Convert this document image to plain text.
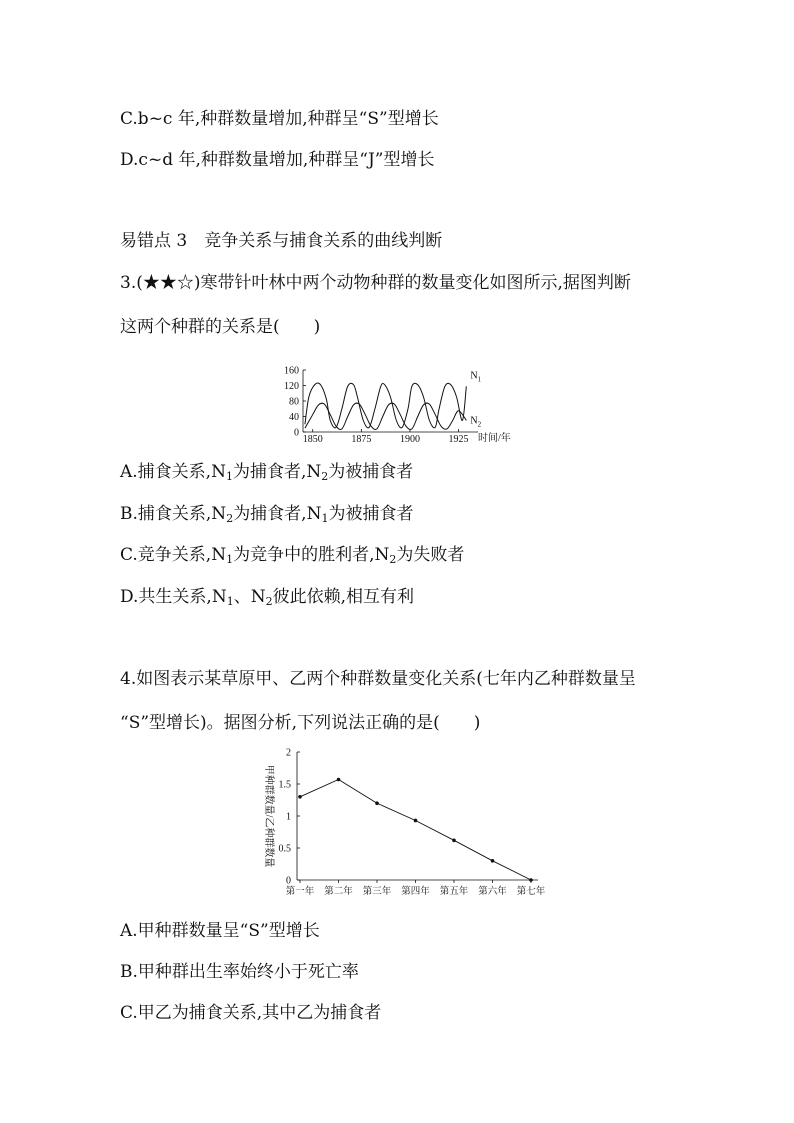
C.b~c 年,种群数量增加,种群呈“S”型增长
D.c~d 年,种群数量增加,种群呈“J”型增长
易错点 3　竞争关系与捕食关系的曲线判断
3.(★★☆)寒带针叶林中两个动物种群的数量变化如图所示,据图判断
这两个种群的关系是(　　)
160
120
80
40
0
1850	1875	1900	1925
$N_1$
$N_2$
时间/年
A.捕食关系$,N_1$为捕食者$,N_2$为被捕食者
B.捕食关系$,N_2$为捕食者$,N_1$为被捕食者
C.竞争关系$,N_1$为竞争中的胜利者$,N_2$为失败者
D.共生关系$,N_1$、$N_2$彼此依赖,相互有利
4.如图表示某草原甲、乙两个种群数量变化关系(七年内乙种群数量呈
“S”型增长)。据图分析,下列说法正确的是(　　)
2
1.5
1
0.5
0
第一年 第二年 第三年 第四年 第五年 第六年 第七年
甲种群数量/乙种群数量
A.甲种群数量呈“S”型增长
B.甲种群出生率始终小于死亡率
C.甲乙为捕食关系,其中乙为捕食者
